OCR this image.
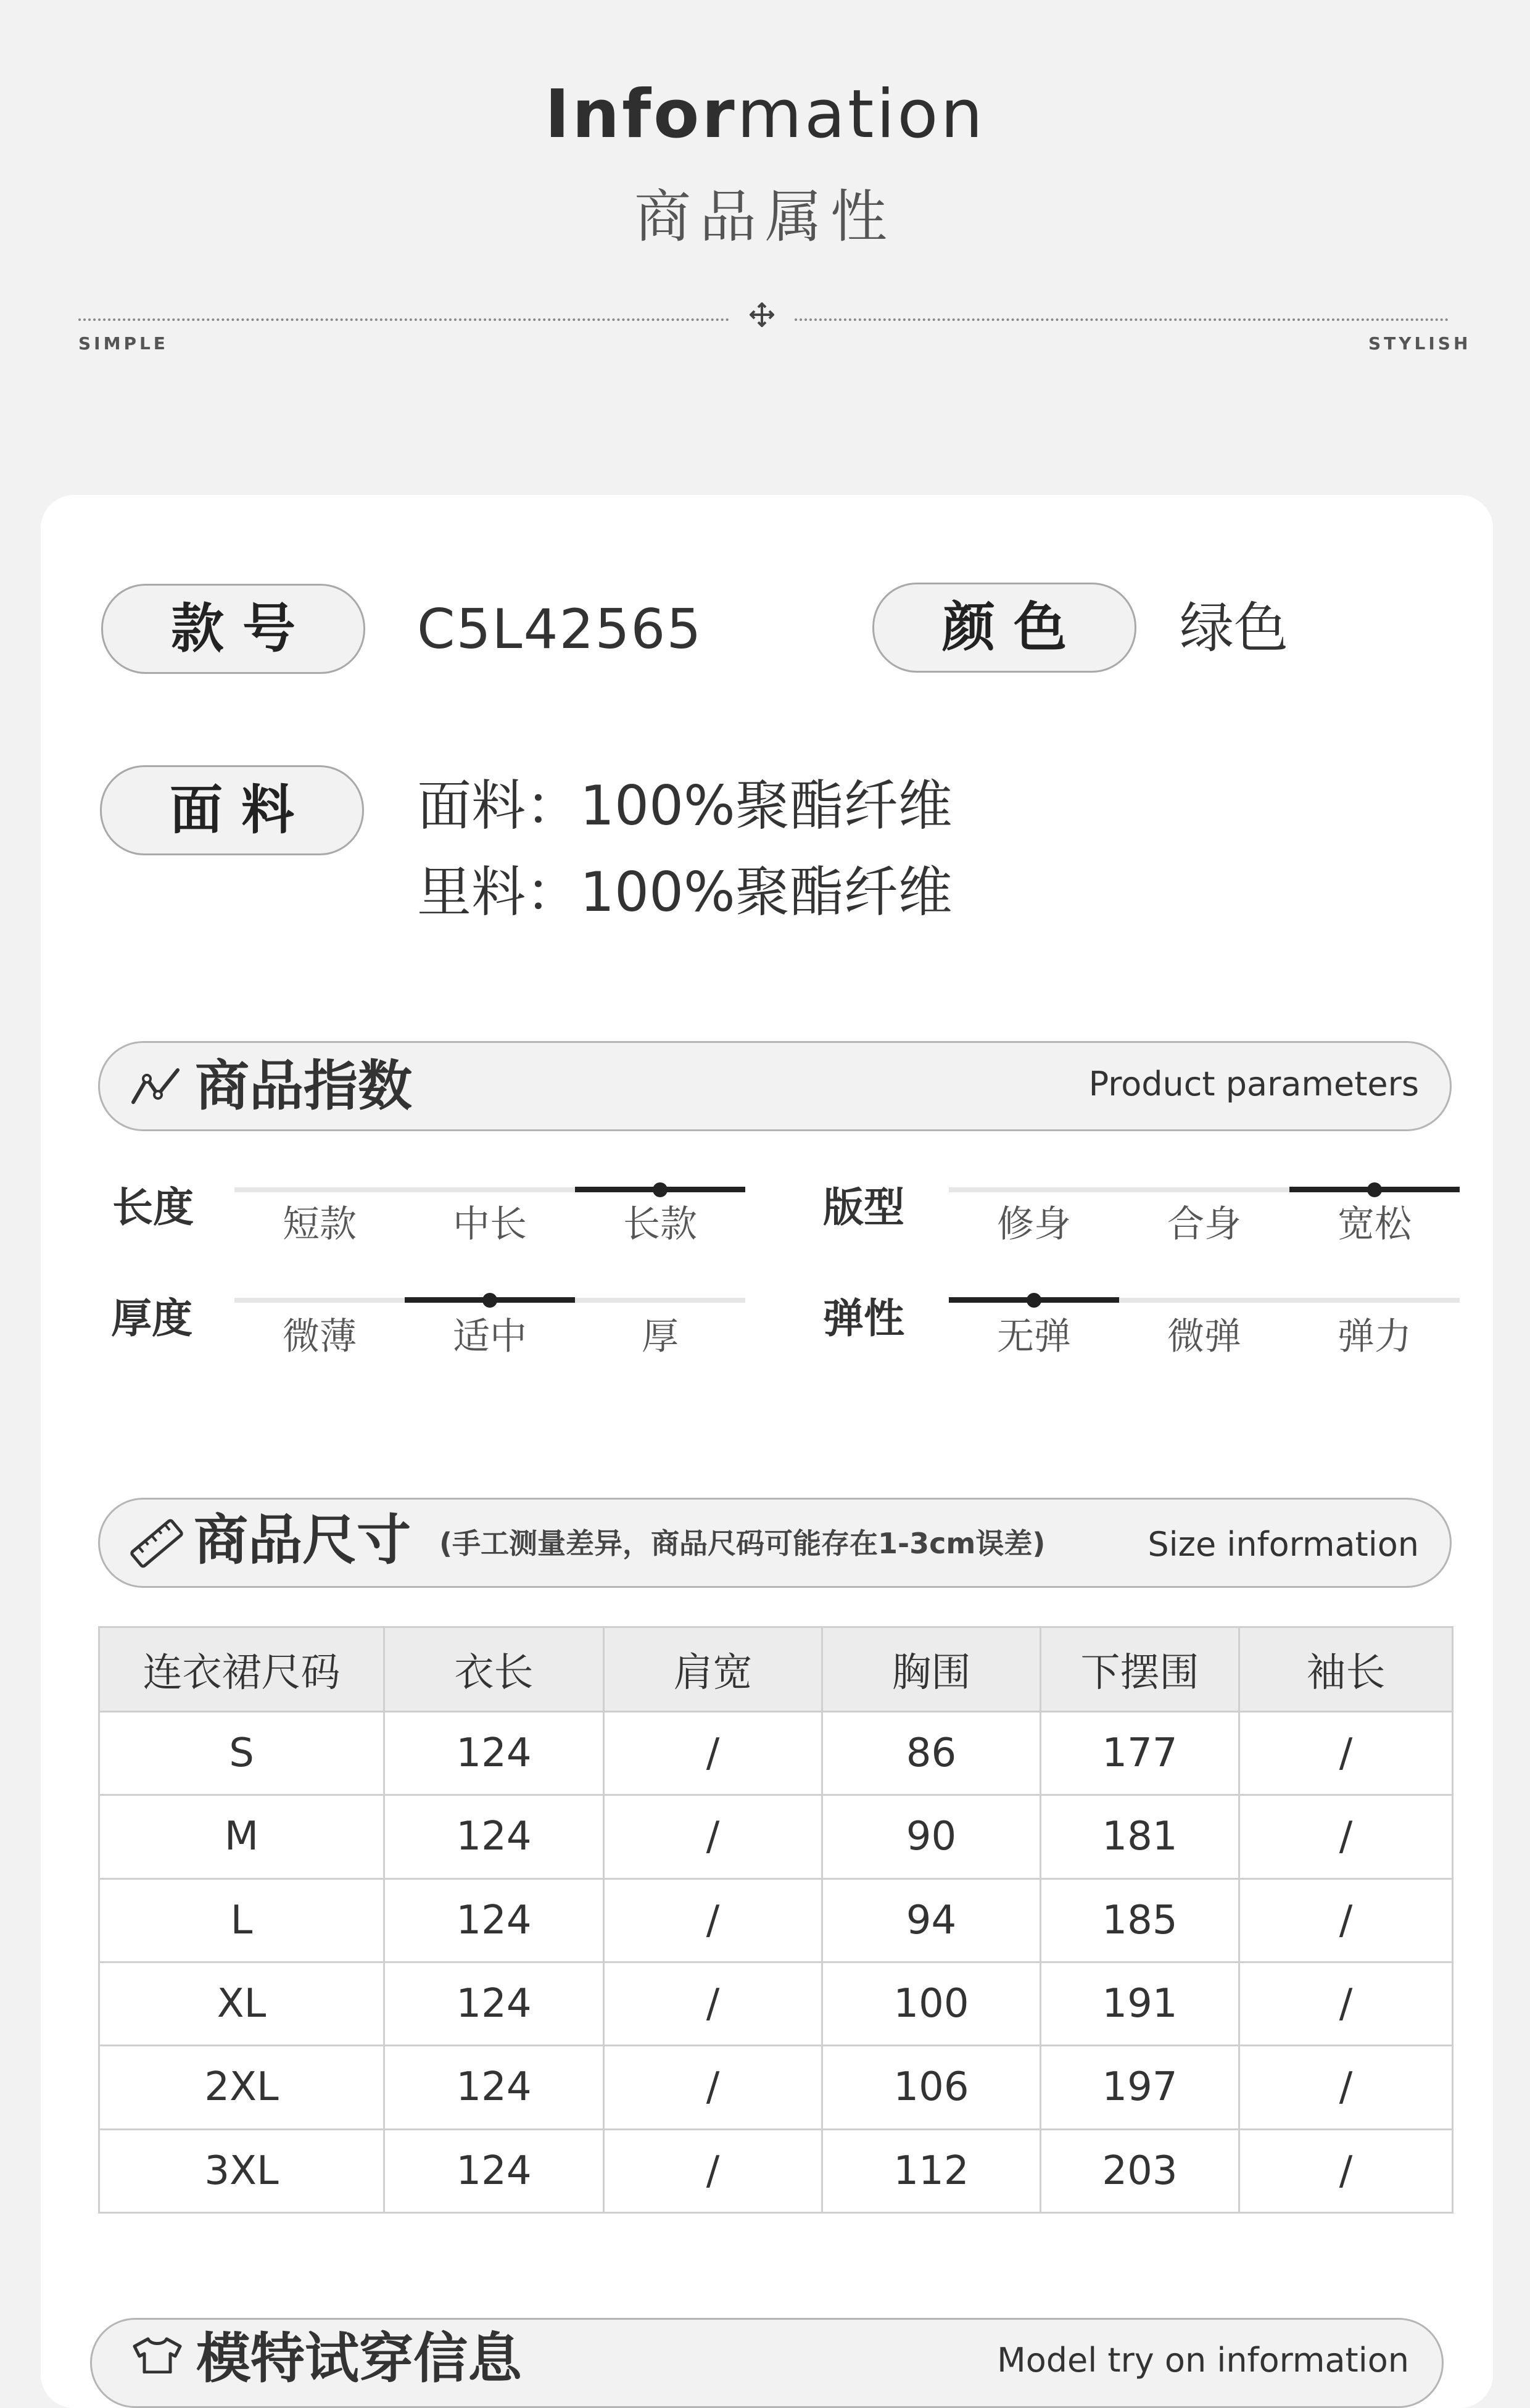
Information
商品属性
SIMPLE	STYLISH
款号	C5L42565	颜色	绿色
面料	面料：100%聚酯纤维
里料：100%聚酯纤维
商品指数	Product parameters
长度	版型
厚度	弹性
短款	中长	长款	修身	合身	宽松
微薄	适中	厚	无弹	微弹	弹力
商品尺寸 (手工测量差异，商品尺码可能存在1-3cm误差)	Size information
连衣裙尺码	衣长	肩宽	胸围	下摆围	袖长
S	124	/	86	177	/
M	124	/	90	181	/
L	124	/	94	185	/
XL	124	/	100	191	/
2XL	124	/	106	197	/
3XL	124	/	112	203	/
模特试穿信息	Model try on information
